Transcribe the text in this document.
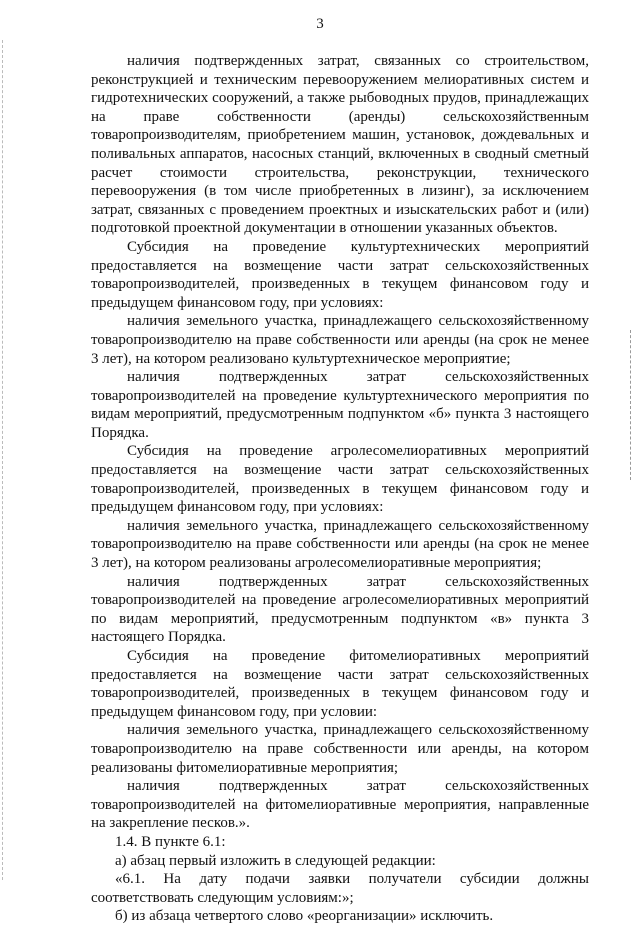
3

наличия подтвержденных затрат, связанных со строительством, реконструкцией и техническим перевооружением мелиоративных систем и гидротехнических сооружений, а также рыбоводных прудов, принадлежащих на праве собственности (аренды) сельскохозяйственным товаропроизводителям, приобретением машин, установок, дождевальных и поливальных аппаратов, насосных станций, включенных в сводный сметный расчет стоимости строительства, реконструкции, технического перевооружения (в том числе приобретенных в лизинг), за исключением затрат, связанных с проведением проектных и изыскательских работ и (или) подготовкой проектной документации в отношении указанных объектов.

Субсидия на проведение культуртехнических мероприятий предоставляется на возмещение части затрат сельскохозяйственных товаропроизводителей, произведенных в текущем финансовом году и предыдущем финансовом году, при условиях:

наличия земельного участка, принадлежащего сельскохозяйственному товаропроизводителю на праве собственности или аренды (на срок не менее 3 лет), на котором реализовано культуртехническое мероприятие;

наличия подтвержденных затрат сельскохозяйственных товаропроизводителей на проведение культуртехнического мероприятия по видам мероприятий, предусмотренным подпунктом «б» пункта 3 настоящего Порядка.

Субсидия на проведение агролесомелиоративных мероприятий предоставляется на возмещение части затрат сельскохозяйственных товаропроизводителей, произведенных в текущем финансовом году и предыдущем финансовом году, при условиях:

наличия земельного участка, принадлежащего сельскохозяйственному товаропроизводителю на праве собственности или аренды (на срок не менее 3 лет), на котором реализованы агролесомелиоративные мероприятия;

наличия подтвержденных затрат сельскохозяйственных товаропроизводителей на проведение агролесомелиоративных мероприятий по видам мероприятий, предусмотренным подпунктом «в» пункта 3 настоящего Порядка.

Субсидия на проведение фитомелиоративных мероприятий предоставляется на возмещение части затрат сельскохозяйственных товаропроизводителей, произведенных в текущем финансовом году и предыдущем финансовом году, при условии:

наличия земельного участка, принадлежащего сельскохозяйственному товаропроизводителю на праве собственности или аренды, на котором реализованы фитомелиоративные мероприятия;

наличия подтвержденных затрат сельскохозяйственных товаропроизводителей на фитомелиоративные мероприятия, направленные на закрепление песков.».

1.4. В пункте 6.1:

а) абзац первый изложить в следующей редакции:

«6.1. На дату подачи заявки получатели субсидии должны соответствовать следующим условиям:»;

б) из абзаца четвертого слово «реорганизации» исключить.
